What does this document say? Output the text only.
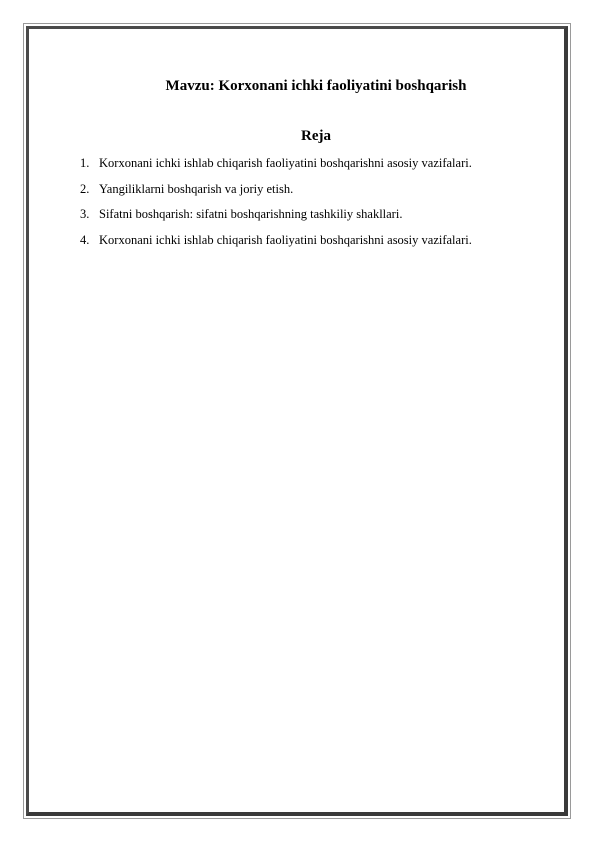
Mavzu: Korxonani ichki faoliyatini boshqarish
Reja
1. Korxonani ichki ishlab chiqarish faoliyatini boshqarishni asosiy vazifalari.
2. Yangiliklarni boshqarish va joriy etish.
3. Sifatni boshqarish: sifatni boshqarishning tashkiliy shakllari.
4. Korxonani ichki ishlab chiqarish faoliyatini boshqarishni asosiy vazifalari.
